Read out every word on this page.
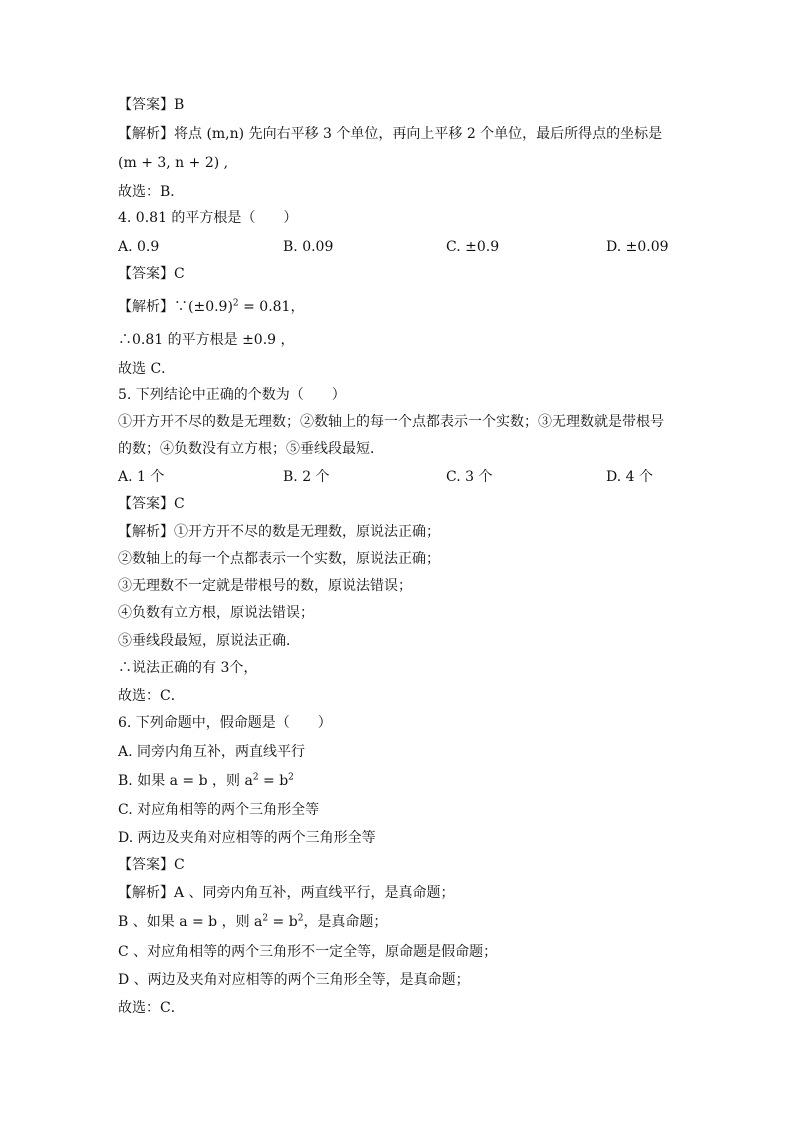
【答案】B
【解析】将点 (m,n) 先向右平移 3 个单位，再向上平移 2 个单位，最后所得点的坐标是
(m + 3, n + 2) ,
故选：B．
4. 0.81 的平方根是（　　）
A. 0.9	B. 0.09	C. ±0.9	D. ±0.09
【答案】C
【解析】$\because(\pm 0.9)^2 = 0.81$，
∴0.81 的平方根是 ±0.9 ，
故选 C．
5. 下列结论中正确的个数为（　　）
①开方开不尽的数是无理数；②数轴上的每一个点都表示一个实数；③无理数就是带根号
的数；④负数没有立方根；⑤垂线段最短．
A. 1 个	B. 2 个	C. 3 个	D. 4 个
【答案】C
【解析】①开方开不尽的数是无理数，原说法正确；
②数轴上的每一个点都表示一个实数，原说法正确；
③无理数不一定就是带根号的数，原说法错误；
④负数有立方根，原说法错误；
⑤垂线段最短，原说法正确．
∴说法正确的有 3个，
故选：C．
6. 下列命题中，假命题是（　　）
A. 同旁内角互补，两直线平行
B. 如果 a = b ，则 $a^2 = b^2$
C. 对应角相等的两个三角形全等
D. 两边及夹角对应相等的两个三角形全等
【答案】C
【解析】A 、同旁内角互补，两直线平行，是真命题；
B 、如果 a = b ，则 $a^2 = b^2$，是真命题；
C 、对应角相等的两个三角形不一定全等，原命题是假命题；
D 、两边及夹角对应相等的两个三角形全等，是真命题；
故选：C．
